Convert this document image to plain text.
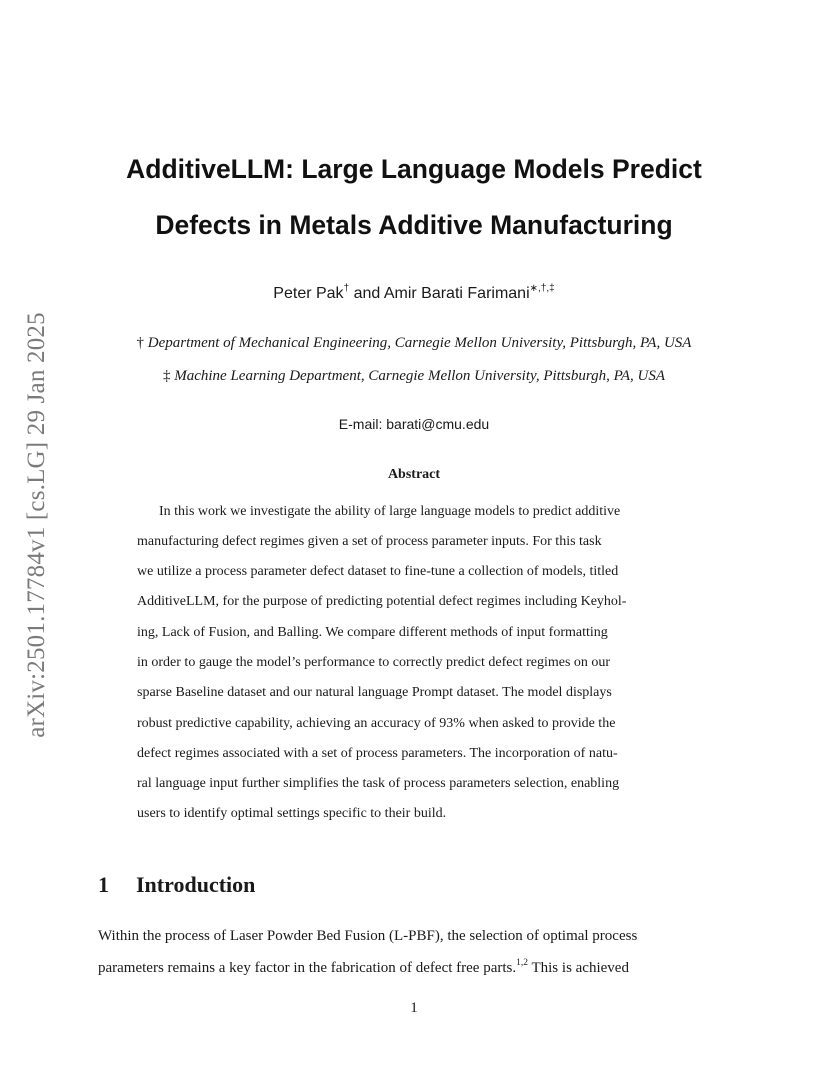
arXiv:2501.17784v1 [cs.LG] 29 Jan 2025
AdditiveLLM: Large Language Models Predict
Defects in Metals Additive Manufacturing
Peter Pak† and Amir Barati Farimani∗,†,‡
† Department of Mechanical Engineering, Carnegie Mellon University, Pittsburgh, PA, USA
‡ Machine Learning Department, Carnegie Mellon University, Pittsburgh, PA, USA
E-mail: barati@cmu.edu
Abstract
In this work we investigate the ability of large language models to predict additive
manufacturing defect regimes given a set of process parameter inputs. For this task
we utilize a process parameter defect dataset to fine-tune a collection of models, titled
AdditiveLLM, for the purpose of predicting potential defect regimes including Keyhol-
ing, Lack of Fusion, and Balling. We compare different methods of input formatting
in order to gauge the model’s performance to correctly predict defect regimes on our
sparse Baseline dataset and our natural language Prompt dataset. The model displays
robust predictive capability, achieving an accuracy of 93% when asked to provide the
defect regimes associated with a set of process parameters. The incorporation of natu-
ral language input further simplifies the task of process parameters selection, enabling
users to identify optimal settings specific to their build.
1 Introduction
Within the process of Laser Powder Bed Fusion (L-PBF), the selection of optimal process
parameters remains a key factor in the fabrication of defect free parts.$^{1,2}$ This is achieved
1
